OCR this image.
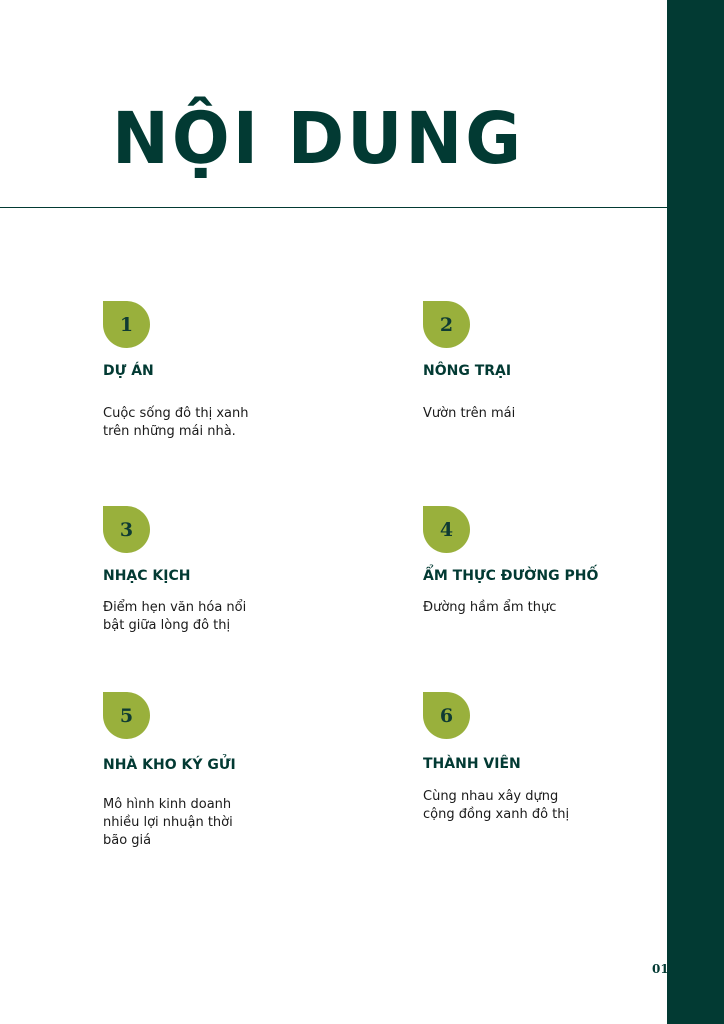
NỘI DUNG
1
DỰ ÁN
Cuộc sống đô thị xanh
trên những mái nhà.
2
NÔNG TRẠI
Vườn trên mái
3
NHẠC KỊCH
Điểm hẹn văn hóa nổi
bật giữa lòng đô thị
4
ẨM THỰC ĐƯỜNG PHỐ
Đường hầm ẩm thực
5
NHÀ KHO KÝ GỬI
Mô hình kinh doanh
nhiều lợi nhuận thời
bão giá
6
THÀNH VIÊN
Cùng nhau xây dựng
cộng đồng xanh đô thị
01
